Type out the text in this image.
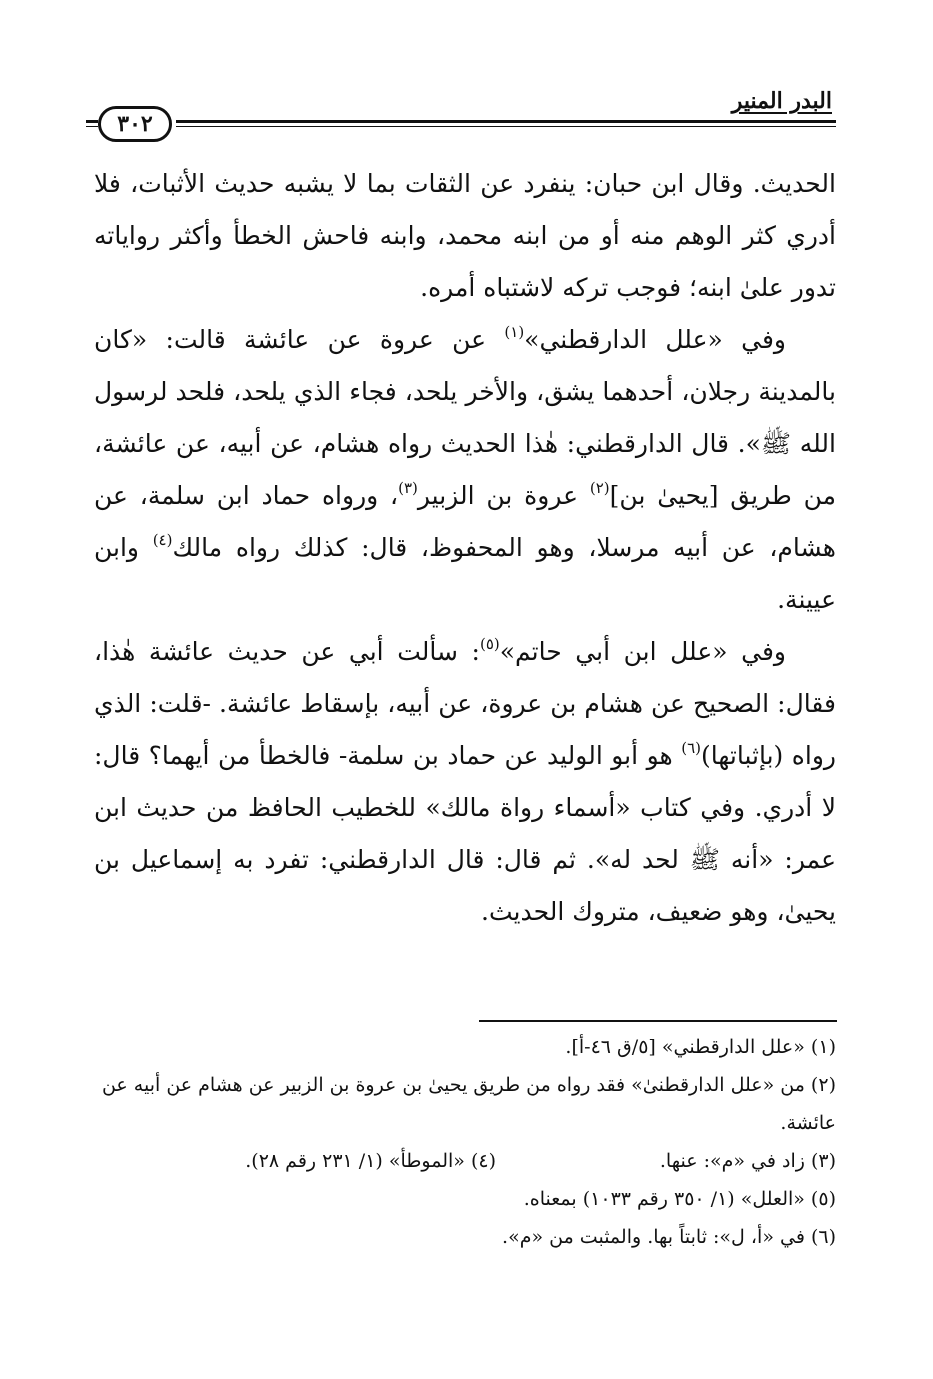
البدر المنير
٣٠٢

الحديث. وقال ابن حبان: ينفرد عن الثقات بما لا يشبه حديث الأثبات، فلا أدري كثر الوهم منه أو من ابنه محمد، وابنه فاحش الخطأ وأكثر رواياته تدور علىٰ ابنه؛ فوجب تركه لاشتباه أمره.

وفي «علل الدارقطني»$^{(١)}$ عن عروة عن عائشة قالت: «كان بالمدينة رجلان، أحدهما يشق، والأخر يلحد، فجاء الذي يلحد، فلحد لرسول الله ﷺ». قال الدارقطني: هٰذا الحديث رواه هشام، عن أبيه، عن عائشة، من طريق [يحيىٰ بن]$^{(٢)}$ عروة بن الزبير$^{(٣)}$، ورواه حماد ابن سلمة، عن هشام، عن أبيه مرسلا، وهو المحفوظ، قال: كذلك رواه مالك$^{(٤)}$ وابن عيينة.

وفي «علل ابن أبي حاتم»$^{(٥)}$: سألت أبي عن حديث عائشة هٰذا، فقال: الصحيح عن هشام بن عروة، عن أبيه، بإسقاط عائشة. -قلت: الذي رواه (بإثباتها)$^{(٦)}$ هو أبو الوليد عن حماد بن سلمة- فالخطأ من أيهما؟ قال: لا أدري. وفي كتاب «أسماء رواة مالك» للخطيب الحافظ من حديث ابن عمر: «أنه ﷺ لحد له». ثم قال: قال الدارقطني: تفرد به إسماعيل بن يحيىٰ، وهو ضعيف، متروك الحديث.

(١) «علل الدارقطني» [٥/ق ٤٦-أ].

(٢) من «علل الدارقطنىٰ» فقد رواه من طريق يحيىٰ بن عروة بن الزبير عن هشام عن أبيه عن عائشة.

(٣) زاد في «م»: عنها.

(٤) «الموطأ» (١/ ٢٣١ رقم ٢٨).

(٥) «العلل» (١/ ٣٥٠ رقم ١٠٣٣) بمعناه.

(٦) في «أ، ل»: ثابتاً بها. والمثبت من «م».
